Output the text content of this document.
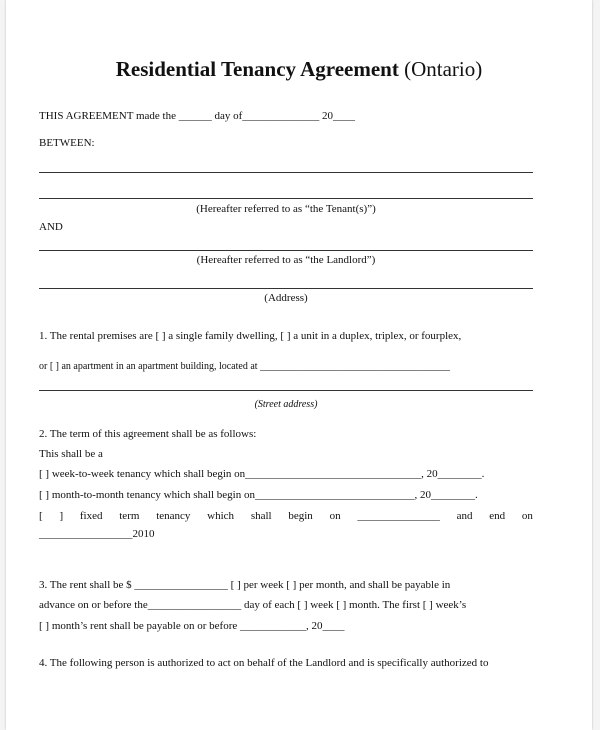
Residential Tenancy Agreement (Ontario)
THIS AGREEMENT made the ______ day of______________ 20____
BETWEEN:
(Hereafter referred to as “the Tenant(s)”)
AND
(Hereafter referred to as “the Landlord”)
(Address)
1. The rental premises are [ ] a single family dwelling, [ ] a unit in a duplex, triplex, or fourplex,
or [ ] an apartment in an apartment building, located at ______________________________________
(Street address)
2. The term of this agreement shall be as follows:
This shall be a
[ ] week-to-week tenancy which shall begin on________________________________, 20________.
[ ] month-to-month tenancy which shall begin on_____________________________, 20________.
[ ] fixed term tenancy which shall begin on _______________ and end on
_________________2010
3. The rent shall be $ _________________ [ ] per week [ ] per month, and shall be payable in
advance on or before the_________________ day of each [ ] week [ ] month. The first [ ] week’s
[ ] month’s rent shall be payable on or before ____________, 20____
4. The following person is authorized to act on behalf of the Landlord and is specifically authorized to
